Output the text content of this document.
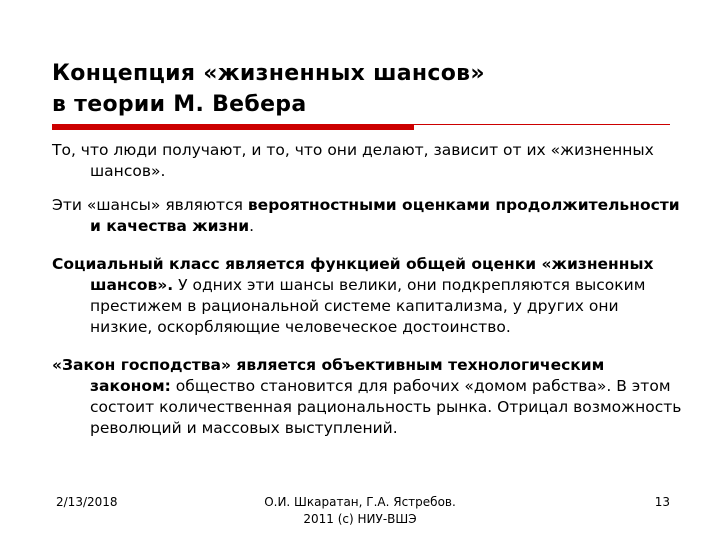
Концепция «жизненных шансов»
в теории М. Вебера

То, что люди получают, и то, что они делают, зависит от их «жизненных шансов».

Эти «шансы» являются вероятностными оценками продолжительности и качества жизни.

Социальный класс является функцией общей оценки «жизненных шансов». У одних эти шансы велики, они подкрепляются высоким престижем в рациональной системе капитализма, у других они низкие, оскорбляющие человеческое достоинство.

«Закон господства» является объективным технологическим законом: общество становится для рабочих «домом рабства». В этом состоит количественная рациональность рынка. Отрицал возможность революций и массовых выступлений.

2/13/2018	О.И. Шкаратан, Г.А. Ястребов.
2011 (с) НИУ-ВШЭ
13
